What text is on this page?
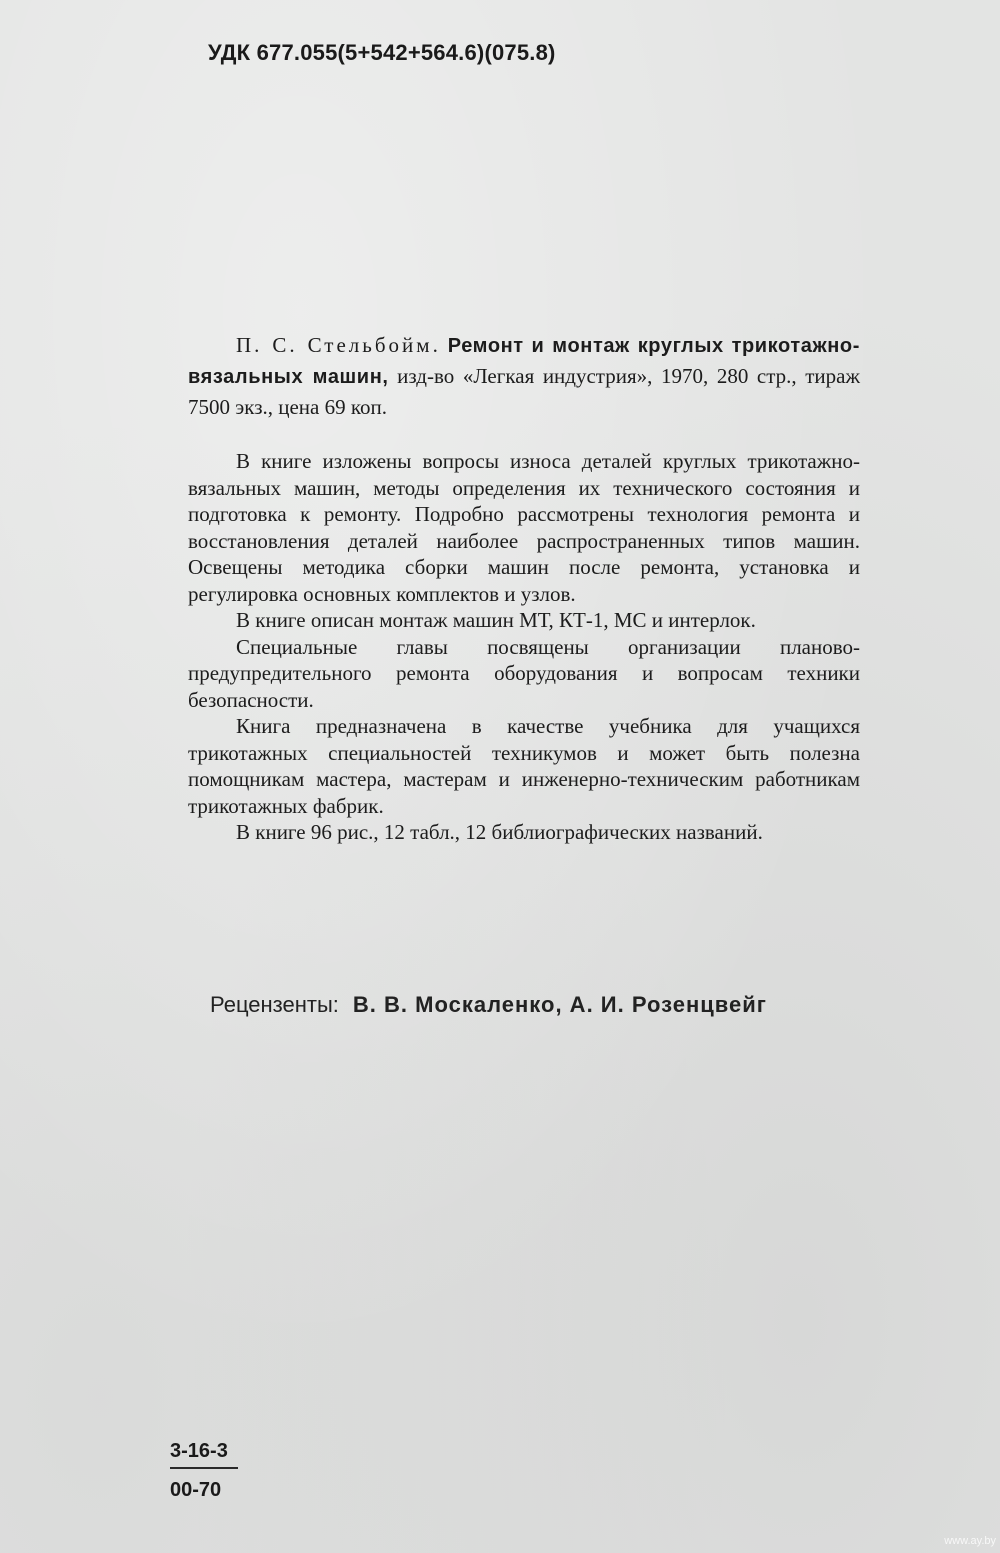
УДК 677.055(5+542+564.6)(075.8)

П. С. Стельбойм. Ремонт и монтаж круглых трикотажно-вязальных машин, изд-во «Легкая индустрия», 1970, 280 стр., тираж 7500 экз., цена 69 коп.

В книге изложены вопросы износа деталей круглых трикотажно-вязальных машин, методы определения их технического состояния и подготовка к ремонту. Подробно рассмотрены технология ремонта и восстановления деталей наиболее распространенных типов машин. Освещены методика сборки машин после ремонта, установка и регулировка основных комплектов и узлов.

В книге описан монтаж машин МТ, КТ-1, МС и интерлок.

Специальные главы посвящены организации планово-предупредительного ремонта оборудования и вопросам техники безопасности.

Книга предназначена в качестве учебника для учащихся трикотажных специальностей техникумов и может быть полезна помощникам мастера, мастерам и инженерно-техническим работникам трикотажных фабрик.

В книге 96 рис., 12 табл., 12 библиографических названий.

Рецензенты: В. В. Москаленко, А. И. Розенцвейг
3-16-3
00-70
www.ay.by
